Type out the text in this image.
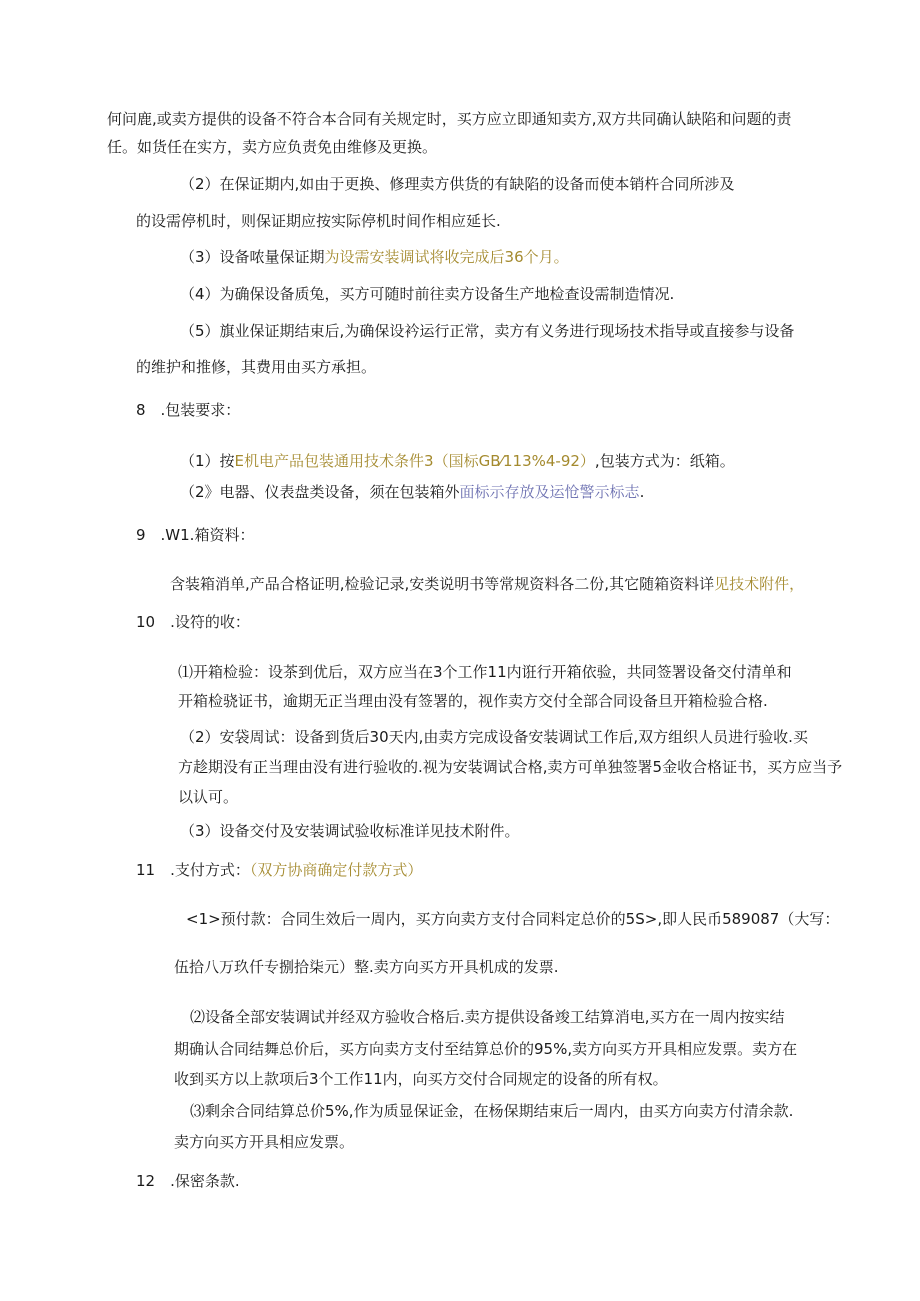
何问鹿,或卖方提供的设备不符合本合同有关规定时，买方应立即通知卖方,双方共同确认缺陷和问题的责
任。如货任在实方，卖方应负责免由维修及更换。
（2）在保证期内,如由于更换、修理卖方供货的有缺陷的设备而使本销杵合同所涉及
的设需停机时，则保证期应按实际停机时间作相应延长.
（3）设备哝量保证期为设需安装调试将收完成后36个月。
（4）为确保设备质兔，买方可随时前往卖方设备生产地检查设需制造情况.
（5）旗业保证期结束后,为确保设衿运行正常，卖方有义务进行现场技术指导或直接参与设备
的维护和推修，其费用由买方承担。
8　.包装要求：
（1）按E机电产品包装通用技术条件3（国标GB⁄113%4-92）,包装方式为：纸箱。
（2》电器、仪表盘类设备，须在包装箱外面标示存放及运怆警示标志.
9　.W1.箱资料：
含装箱消单,产品合格证明,检验记录,安类说明书等常规资料各二份,其它随箱资料详见技术附件，
10　.设符的收：
⑴开箱检验：设茶到优后，双方应当在3个工作11内诳行开箱依验，共同签署设备交付清单和
开箱检骁证书，逾期无正当理由没有签署的，视作卖方交付全部合同设备旦开箱检验合格.
（2）安袋周试：设备到货后30天内,由卖方完成设备安装调试工作后,双方组织人员进行验收.买
方趁期没有正当理由没有进行验收的.视为安装调试合格,卖方可单独签署5金收合格证书，买方应当予
以认可。
（3）设备交付及安装调试验收标准详见技术附件。
11　.支付方式：（双方协商确定付款方式）
<1>预付款：合同生效后一周内，买方向卖方支付合同料定总价的5S>,即人民币589087（大写：
伍拾八万玖仟专捌拾柒元）整.卖方向买方开具机成的发票.
⑵设备全部安装调试并经双方验收合格后.卖方提供设备竣工结算消电,买方在一周内按实结
期确认合同结舞总价后，买方向卖方支付至结算总价的95%,卖方向买方开具相应发票。卖方在
收到买方以上款项后3个工作11内，向买方交付合同规定的设备的所有权。
⑶剩余合同结算总价5%,作为质显保证金，在杨保期结束后一周内，由买方向卖方付清余款.
卖方向买方开具相应发票。
12　.保密条款.
